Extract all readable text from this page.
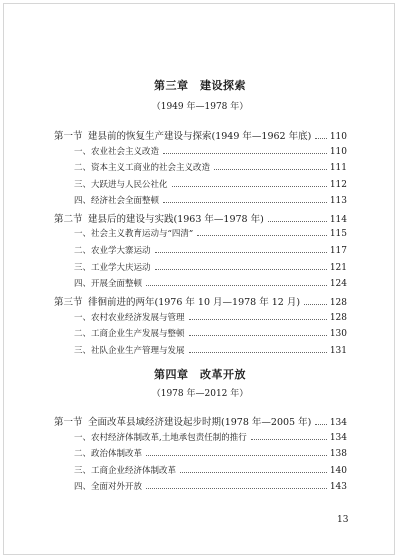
第三章　建设探索
（1949 年—1978 年）
第一节 建县前的恢复生产建设与探索(1949 年—1962 年底) 110
一、农业社会主义改造	110
二、资本主义工商业的社会主义改造	111
三、大跃进与人民公社化	112
四、经济社会全面整顿	113
第二节 建县后的建设与实践(1963 年—1978 年)	114
一、社会主义教育运动与“四清”	115
二、农业学大寨运动	117
三、工业学大庆运动	121
四、开展全面整顿	124
第三节 徘徊前进的两年(1976 年 10 月—1978 年 12 月)	128
一、农村农业经济发展与管理	128
二、工商企业生产发展与整顿	130
三、社队企业生产管理与发展	131
第四章　改革开放
（1978 年—2012 年）
第一节 全面改革县域经济建设起步时期(1978 年—2005 年) 134
一、农村经济体制改革,土地承包责任制的推行	134
二、政治体制改革	138
三、工商企业经济体制改革	140
四、全面对外开放	143
13
